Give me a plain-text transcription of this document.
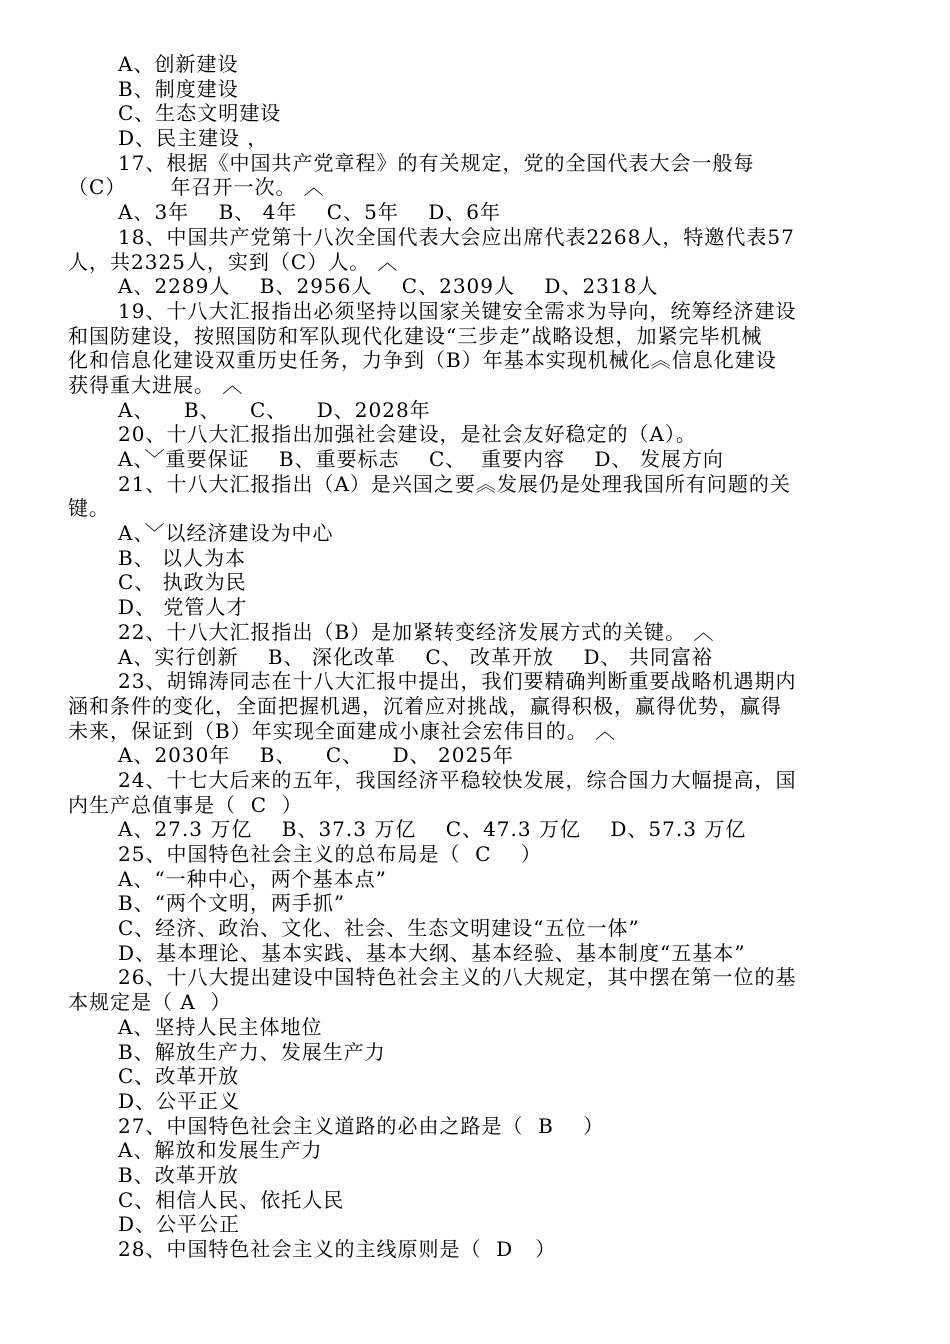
A、创新建设
B、制度建设
C、生态文明建设
D、民主建设 ，
17、根据《中国共产党章程》的有关规定，党的全国代表大会一般每
（C）      年召开一次。 ︿
A、3年    B、 4年    C、5年    D、6年
18、中国共产党第十八次全国代表大会应出席代表2268人，特邀代表57
人，共2325人，实到（C）人。 ︿
A、2289人    B、2956人    C、2309人    D、2318人
19、十八大汇报指出必须坚持以国家关键安全需求为导向，统筹经济建设
和国防建设，按照国防和军队现代化建设“三步走”战略设想，加紧完毕机械
化和信息化建设双重历史任务，力争到（B）年基本实现机械化︽信息化建设
获得重大进展。 ︿
A、    B、    C、    D、2028年
20、十八大汇报指出加强社会建设，是社会友好稳定的（A）。
A、﹀重要保证    B、重要标志    C、  重要内容    D、 发展方向
21、十八大汇报指出（A）是兴国之要︽发展仍是处理我国所有问题的关
键。
A、﹀以经济建设为中心
B、 以人为本
C、 执政为民
D、 党管人才
22、十八大汇报指出（B）是加紧转变经济发展方式的关键。 ︿
A、实行创新    B、 深化改革    C、 改革开放    D、 共同富裕
23、胡锦涛同志在十八大汇报中提出，我们要精确判断重要战略机遇期内
涵和条件的变化，全面把握机遇，沉着应对挑战，赢得积极，赢得优势，赢得
未来，保证到（B）年实现全面建成小康社会宏伟目的。 ︿
A、2030年    B、    C、    D、 2025年
24、十七大后来的五年，我国经济平稳较快发展，综合国力大幅提高，国
内生产总值事是（  C  ）
A、27.3 万亿    B、37.3 万亿    C、47.3 万亿    D、57.3 万亿
25、中国特色社会主义的总布局是（  C    ）
A、“一种中心，两个基本点”
B、“两个文明，两手抓”
C、经济、政治、文化、社会、生态文明建设“五位一体”
D、基本理论、基本实践、基本大纲、基本经验、基本制度“五基本”
26、十八大提出建设中国特色社会主义的八大规定，其中摆在第一位的基
本规定是（ A  ）
A、坚持人民主体地位
B、解放生产力、发展生产力
C、改革开放
D、公平正义
27、中国特色社会主义道路的必由之路是（  B    ）
A、解放和发展生产力
B、改革开放
C、相信人民、依托人民
D、公平公正
28、中国特色社会主义的主线原则是（  D   ）
